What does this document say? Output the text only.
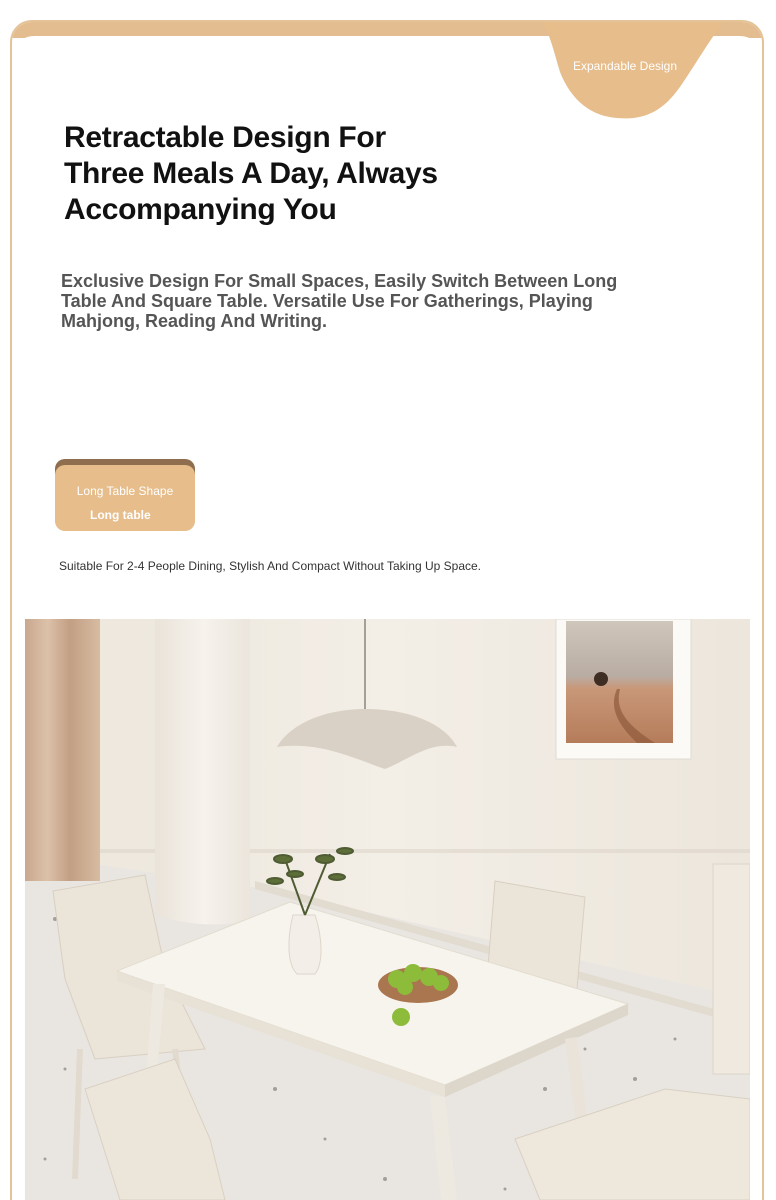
Expandable Design
Retractable Design For
Three Meals A Day, Always
Accompanying You

Exclusive Design For Small Spaces, Easily Switch Between Long
Table And Square Table. Versatile Use For Gatherings, Playing
Mahjong, Reading And Writing.

Long Table Shape
Long table
Suitable For 2-4 People Dining, Stylish And Compact Without Taking Up Space.
